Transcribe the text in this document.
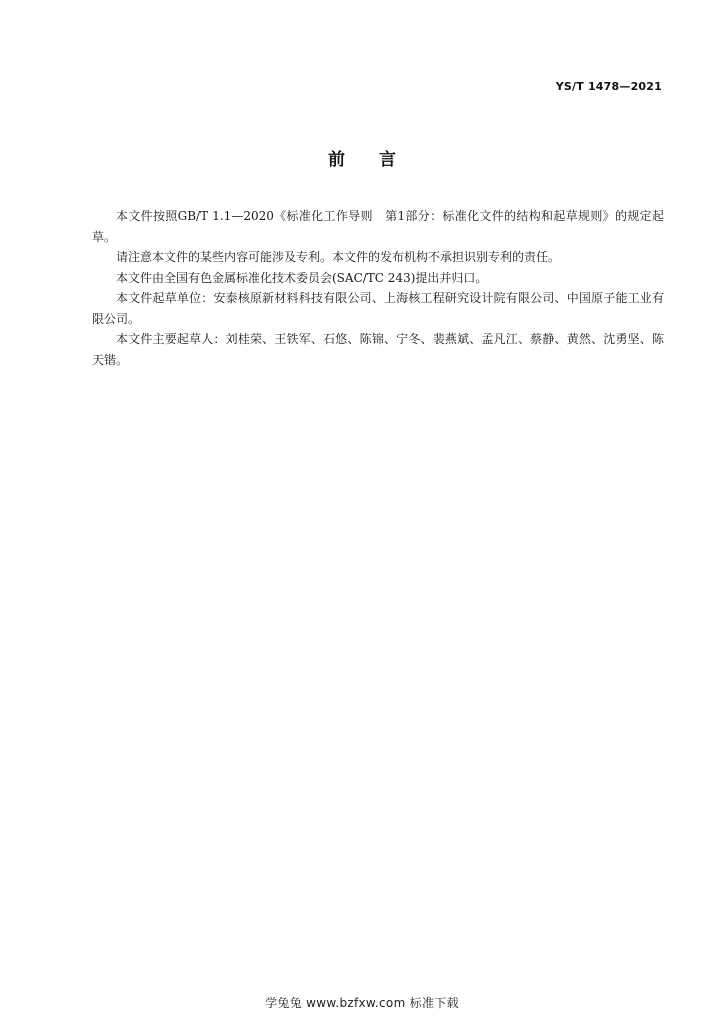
YS/T 1478—2021
前言

本文件按照GB/T 1.1—2020《标准化工作导则　第1部分：标准化文件的结构和起草规则》的规定起草。

请注意本文件的某些内容可能涉及专利。本文件的发布机构不承担识别专利的责任。

本文件由全国有色金属标准化技术委员会(SAC/TC 243)提出并归口。

本文件起草单位：安泰核原新材料科技有限公司、上海核工程研究设计院有限公司、中国原子能工业有限公司。

本文件主要起草人：刘桂荣、王铁军、石悠、陈锦、宁冬、裴燕斌、孟凡江、蔡静、黄然、沈勇坚、陈天锴。

学兔兔 www.bzfxw.com 标准下载
